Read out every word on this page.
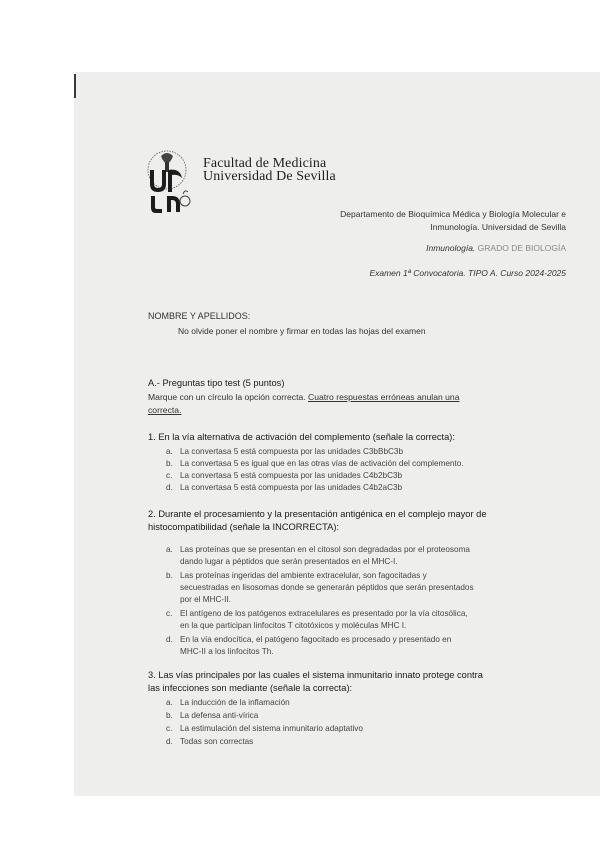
Facultad de Medicina
Universidad De Sevilla
Departamento de Bioquímica Médica y Biología Molecular e
Inmunología. Universidad de Sevilla
Inmunología. GRADO DE BIOLOGÍA
Examen 1ª Convocatoria. TIPO A. Curso 2024-2025
NOMBRE Y APELLIDOS:
No olvide poner el nombre y firmar en todas las hojas del examen
A.- Preguntas tipo test (5 puntos)
Marque con un círculo la opción correcta. Cuatro respuestas erróneas anulan una
correcta.
1. En la vía alternativa de activación del complemento (señale la correcta):
a. La convertasa 5 está compuesta por las unidades C3bBbC3b
b. La convertasa 5 es igual que en las otras vías de activación del complemento.
c. La convertasa 5 está compuesta por las unidades C4b2bC3b
d. La convertasa 5 está compuesta por las unidades C4b2aC3b
2. Durante el procesamiento y la presentación antigénica en el complejo mayor de
histocompatibilidad (señale la INCORRECTA):
a. Las proteínas que se presentan en el citosol son degradadas por el proteosoma
dando lugar a péptidos que serán presentados en el MHC-I.
b. Las proteínas ingeridas del ambiente extracelular, son fagocitadas y
secuestradas en lisosomas donde se generarán péptidos que serán presentados
por el MHC-II.
c. El antígeno de los patógenos extracelulares es presentado por la vía citosólica,
en la que participan linfocitos T citotóxicos y moléculas MHC I.
d. En la vía endocítica, el patógeno fagocitado es procesado y presentado en
MHC-II a los linfocitos Th.
3. Las vías principales por las cuales el sistema inmunitario innato protege contra
las infecciones son mediante (señale la correcta):
a. La inducción de la inflamación
b. La defensa anti-vírica
c. La estimulación del sistema inmunitario adaptativo
d. Todas son correctas
